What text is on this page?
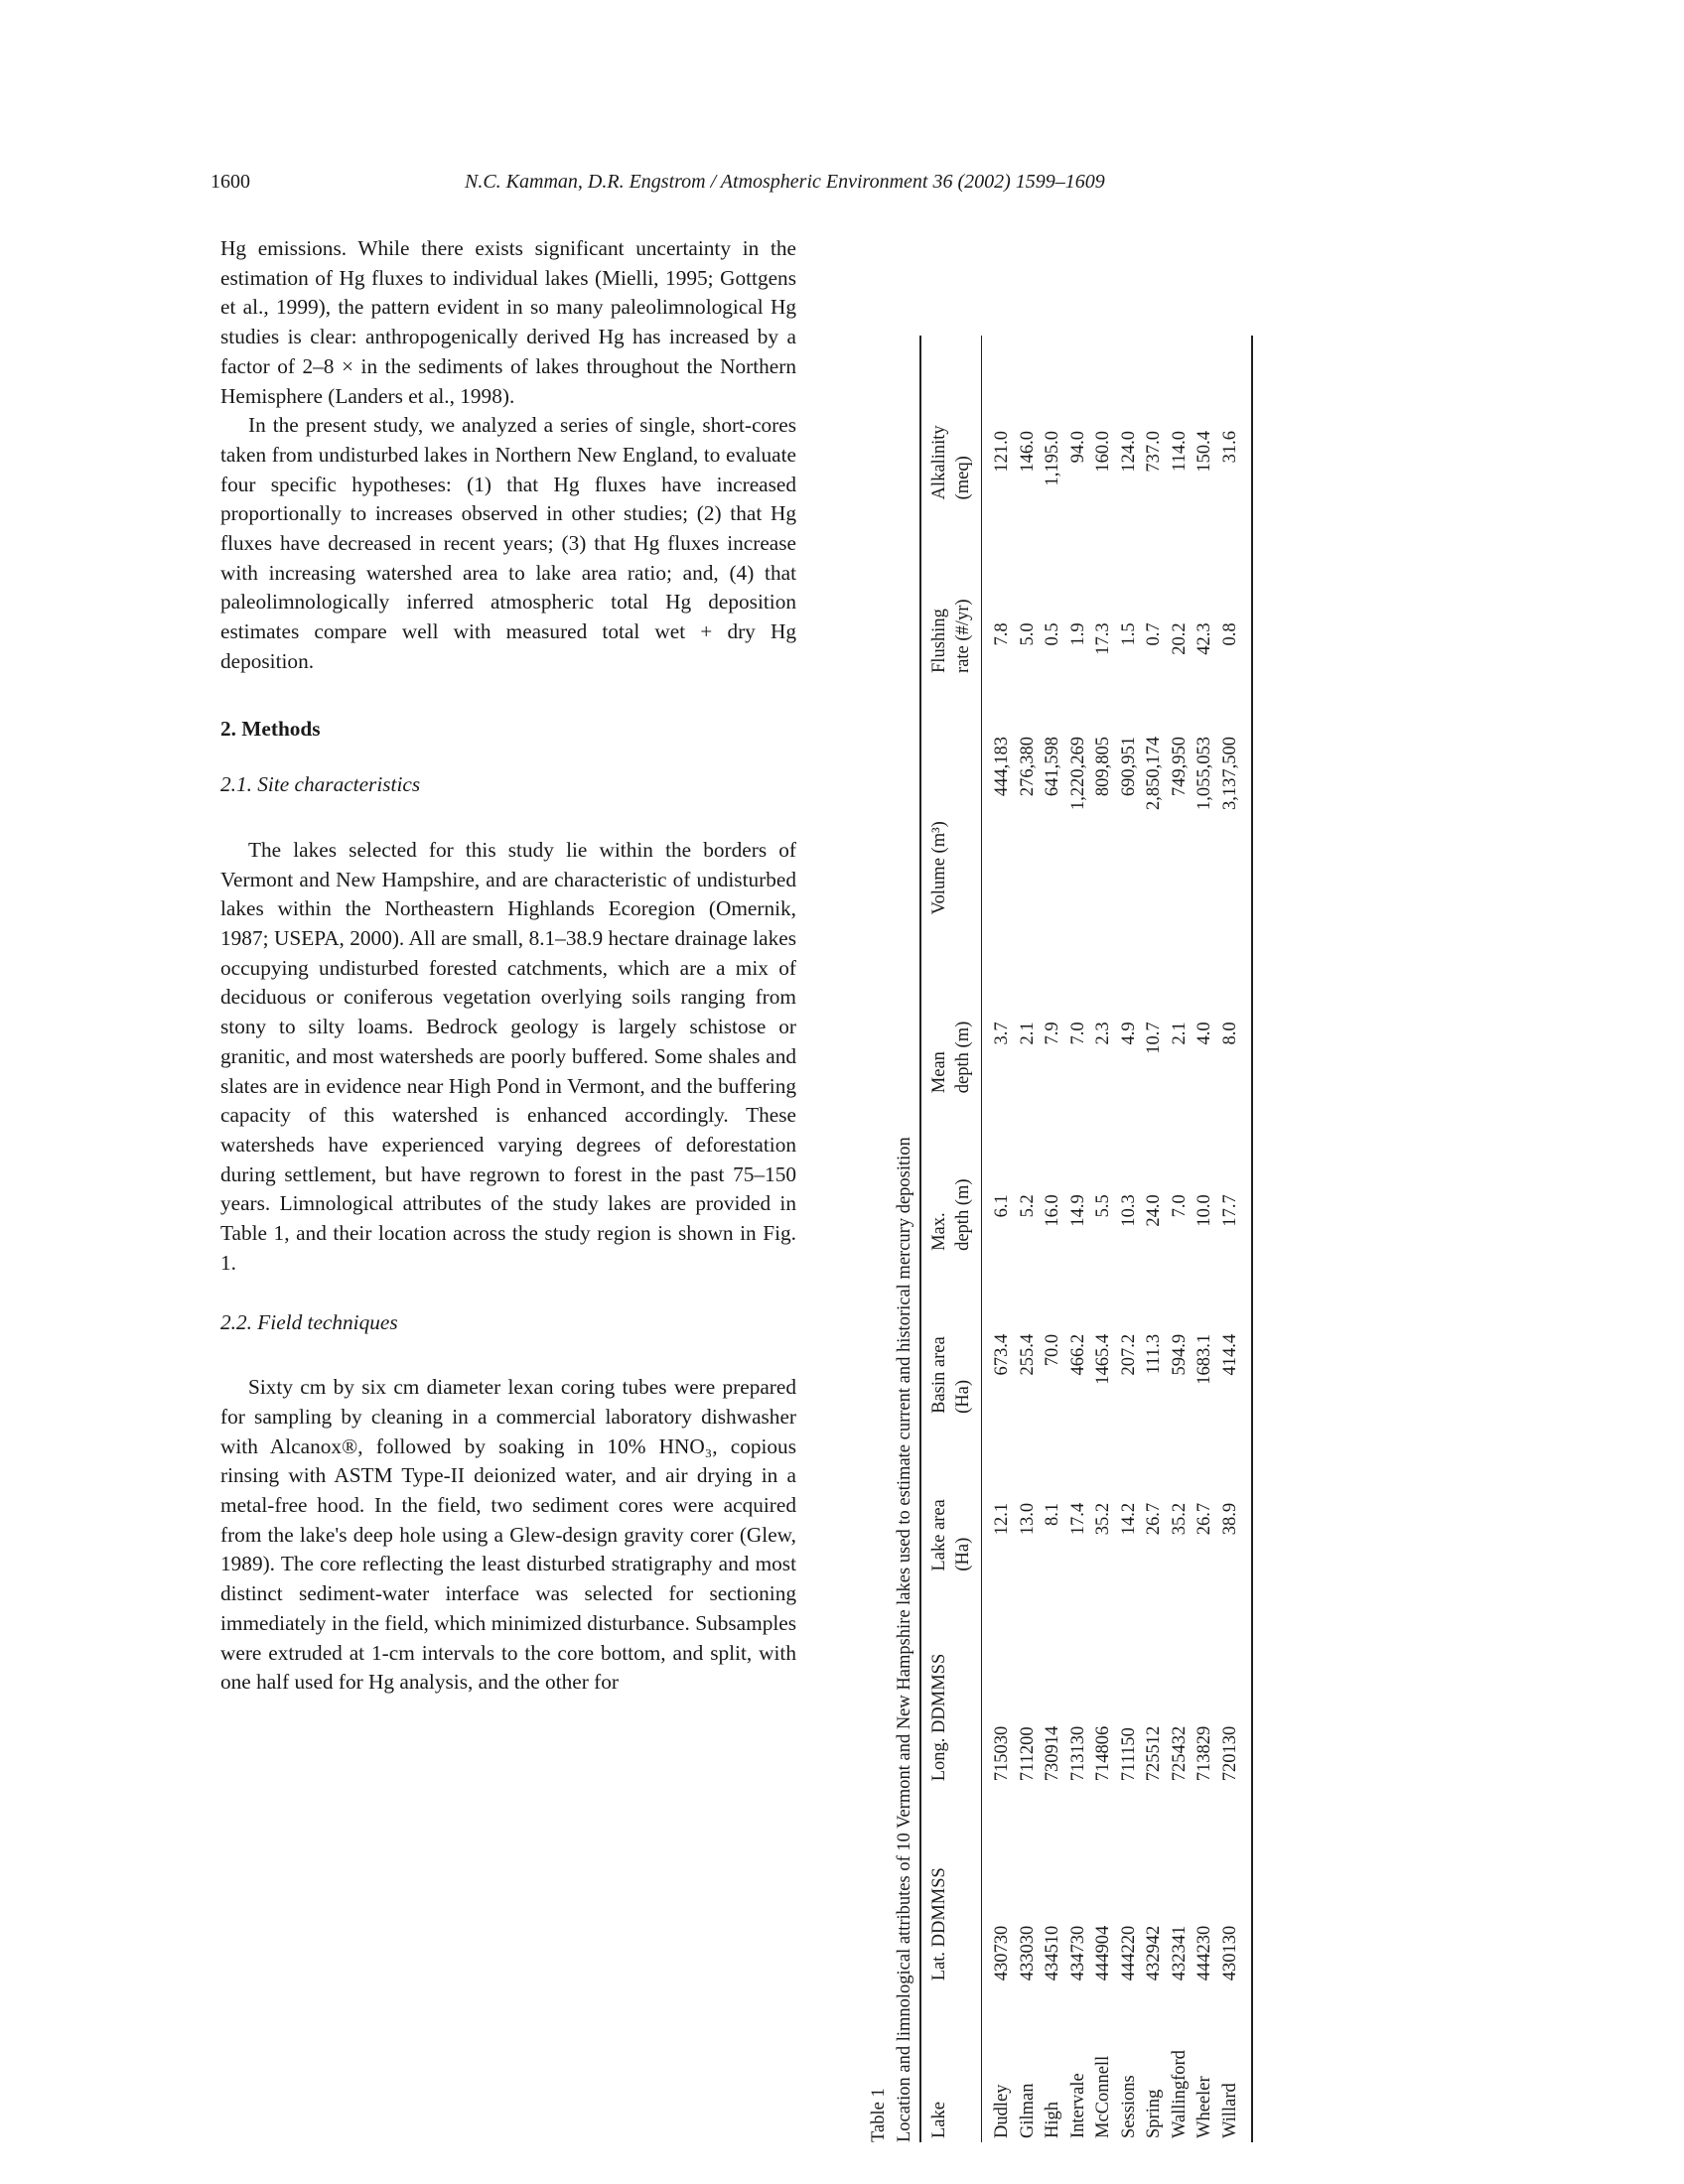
1600	N.C. Kamman, D.R. Engstrom / Atmospheric Environment 36 (2002) 1599–1609

Hg emissions. While there exists significant uncertainty in the estimation of Hg fluxes to individual lakes (Mielli, 1995; Gottgens et al., 1999), the pattern evident in so many paleolimnological Hg studies is clear: anthropogenically derived Hg has increased by a factor of 2–8 × in the sediments of lakes throughout the Northern Hemisphere (Landers et al., 1998).

In the present study, we analyzed a series of single, short-cores taken from undisturbed lakes in Northern New England, to evaluate four specific hypotheses: (1) that Hg fluxes have increased proportionally to increases observed in other studies; (2) that Hg fluxes have decreased in recent years; (3) that Hg fluxes increase with increasing watershed area to lake area ratio; and, (4) that paleolimnologically inferred atmospheric total Hg deposition estimates compare well with measured total wet + dry Hg deposition.

2. Methods

2.1. Site characteristics

The lakes selected for this study lie within the borders of Vermont and New Hampshire, and are characteristic of undisturbed lakes within the Northeastern Highlands Ecoregion (Omernik, 1987; USEPA, 2000). All are small, 8.1–38.9 hectare drainage lakes occupying undisturbed forested catchments, which are a mix of deciduous or coniferous vegetation overlying soils ranging from stony to silty loams. Bedrock geology is largely schistose or granitic, and most watersheds are poorly buffered. Some shales and slates are in evidence near High Pond in Vermont, and the buffering capacity of this watershed is enhanced accordingly. These watersheds have experienced varying degrees of deforestation during settlement, but have regrown to forest in the past 75–150 years. Limnological attributes of the study lakes are provided in Table 1, and their location across the study region is shown in Fig. 1.

2.2. Field techniques

Sixty cm by six cm diameter lexan coring tubes were prepared for sampling by cleaning in a commercial laboratory dishwasher with Alcanox®, followed by soaking in 10% HNO₃, copious rinsing with ASTM Type-II deionized water, and air drying in a metal-free hood. In the field, two sediment cores were acquired from the lake's deep hole using a Glew-design gravity corer (Glew, 1989). The core reflecting the least disturbed stratigraphy and most distinct sediment-water interface was selected for sectioning immediately in the field, which minimized disturbance. Subsamples were extruded at 1-cm intervals to the core bottom, and split, with one half used for Hg analysis, and the other for

Table 1 Location and limnological attributes of 10 Vermont and New Hampshire lakes used to estimate current and historical mercury deposition Lake	Lat. DDMMSS	Long. DDMMSS	Lake area
(Ha)	Basin area
(Ha)	Max.
depth (m)	Mean
depth (m)	Volume (m³)	Flushing
rate (#/yr)	Alkalinity
(meq)
Dudley	430730	715030	12.1	673.4	6.1	3.7	444,183	7.8	121.0
Gilman	433030	711200	13.0	255.4	5.2	2.1	276,380	5.0	146.0
High	434510	730914	8.1	70.0	16.0	7.9	641,598	0.5	1,195.0
Intervale	434730	713130	17.4	466.2	14.9	7.0	1,220,269	1.9	94.0
McConnell	444904	714806	35.2	1465.4	5.5	2.3	809,805	17.3	160.0
Sessions	444220	711150	14.2	207.2	10.3	4.9	690,951	1.5	124.0
Spring	432942	725512	26.7	111.3	24.0	10.7	2,850,174	0.7	737.0
Wallingford	432341	725432	35.2	594.9	7.0	2.1	749,950	20.2	114.0
Wheeler	444230	713829	26.7	1683.1	10.0	4.0	1,055,053	42.3	150.4
Willard	430130	720130	38.9	414.4	17.7	8.0	3,137,500	0.8	31.6
